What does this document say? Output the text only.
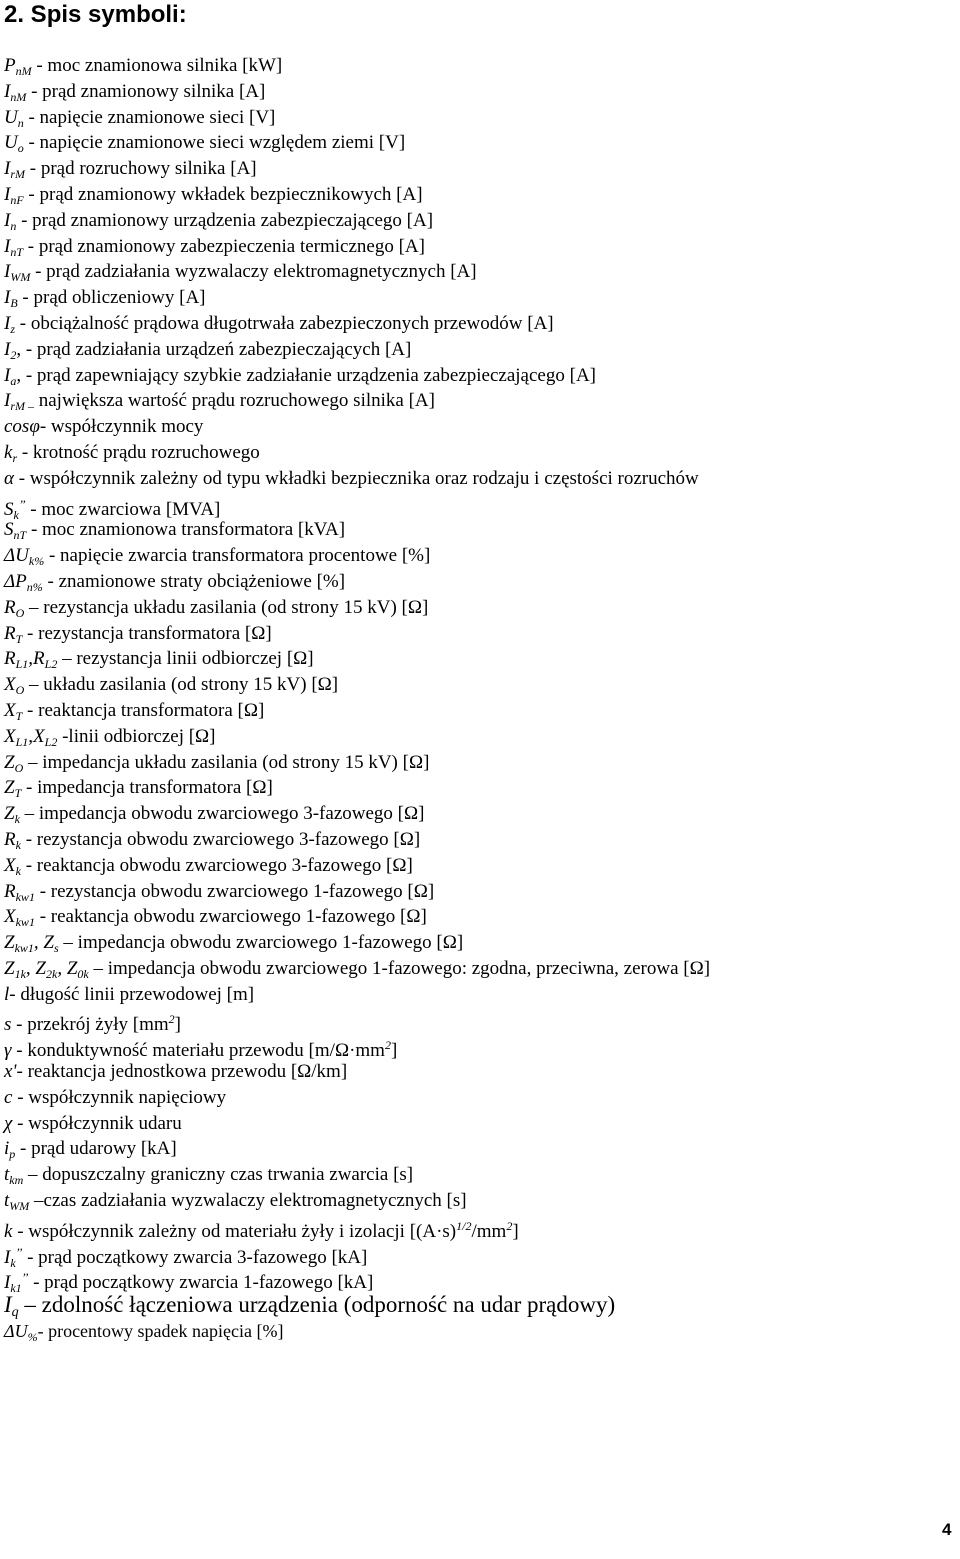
2. Spis symboli:
$P_{nM}$ - moc znamionowa silnika [kW]
$I_{nM}$ - prąd znamionowy silnika [A]
$U_n$ - napięcie znamionowe sieci [V]
$U_o$ - napięcie znamionowe sieci względem ziemi [V]
$I_{rM}$ - prąd rozruchowy silnika [A]
$I_{nF}$ - prąd znamionowy wkładek bezpiecznikowych [A]
$I_n$ - prąd znamionowy urządzenia zabezpieczającego [A]
$I_{nT}$ - prąd znamionowy zabezpieczenia termicznego [A]
$I_{WM}$ - prąd zadziałania wyzwalaczy elektromagnetycznych [A]
$I_B$ - prąd obliczeniowy [A]
$I_z$ - obciążalność prądowa długotrwała zabezpieczonych przewodów [A]
$I_2$, - prąd zadziałania urządzeń zabezpieczających [A]
$I_a$, - prąd zapewniający szybkie zadziałanie urządzenia zabezpieczającego [A]
$I_{rM -}$ największa wartość prądu rozruchowego silnika [A]
cosφ- współczynnik mocy
$k_r$ - krotność prądu rozruchowego
α - współczynnik zależny od typu wkładki bezpiecznika oraz rodzaju i częstości rozruchów
$S_k^{’’}$ - moc zwarciowa [MVA]
$S_{nT}$ - moc znamionowa transformatora [kVA]
$\Delta U_{k\%}$ - napięcie zwarcia transformatora procentowe [%]
$\Delta P_{n\%}$ - znamionowe straty obciążeniowe [%]
$R_O$ – rezystancja układu zasilania (od strony 15 kV) [Ω]
$R_T$ - rezystancja transformatora [Ω]
$R_{L1},R_{L2}$ – rezystancja linii odbiorczej [Ω]
$X_O$ – układu zasilania (od strony 15 kV) [Ω]
$X_T$ - reaktancja transformatora [Ω]
$X_{L1},X_{L2}$ -linii odbiorczej [Ω]
$Z_O$ – impedancja układu zasilania (od strony 15 kV) [Ω]
$Z_T$ - impedancja transformatora [Ω]
$Z_k$ – impedancja obwodu zwarciowego 3-fazowego [Ω]
$R_k$ - rezystancja obwodu zwarciowego 3-fazowego [Ω]
$X_k$ - reaktancja obwodu zwarciowego 3-fazowego [Ω]
$R_{kw1}$ - rezystancja obwodu zwarciowego 1-fazowego [Ω]
$X_{kw1}$ - reaktancja obwodu zwarciowego 1-fazowego [Ω]
$Z_{kw1}$, $Z_s$ – impedancja obwodu zwarciowego 1-fazowego [Ω]
$Z_{1k}$, $Z_{2k}$, $Z_{0k}$ – impedancja obwodu zwarciowego 1-fazowego: zgodna, przeciwna, zerowa [Ω]
l- długość linii przewodowej [m]
s - przekrój żyły $[mm^2]$
γ - konduktywność materiału przewodu $[m/\Omega\cdot mm^2]$
x'- reaktancja jednostkowa przewodu [Ω/km]
c - współczynnik napięciowy
χ - współczynnik udaru
$i_p$ - prąd udarowy [kA]
$t_{km}$ – dopuszczalny graniczny czas trwania zwarcia [s]
$t_{WM}$ –czas zadziałania wyzwalaczy elektromagnetycznych [s]
k - współczynnik zależny od materiału żyły i izolacji $[(A\cdot s)^{1/2}/mm^2]$
$I_k^{’’}$ - prąd początkowy zwarcia 3-fazowego [kA]
$I_{k1}^{’’}$ - prąd początkowy zwarcia 1-fazowego [kA]
$I_q$ – zdolność łączeniowa urządzenia (odporność na udar prądowy)
$\Delta U_{\%}-$ procentowy spadek napięcia [%]
4
